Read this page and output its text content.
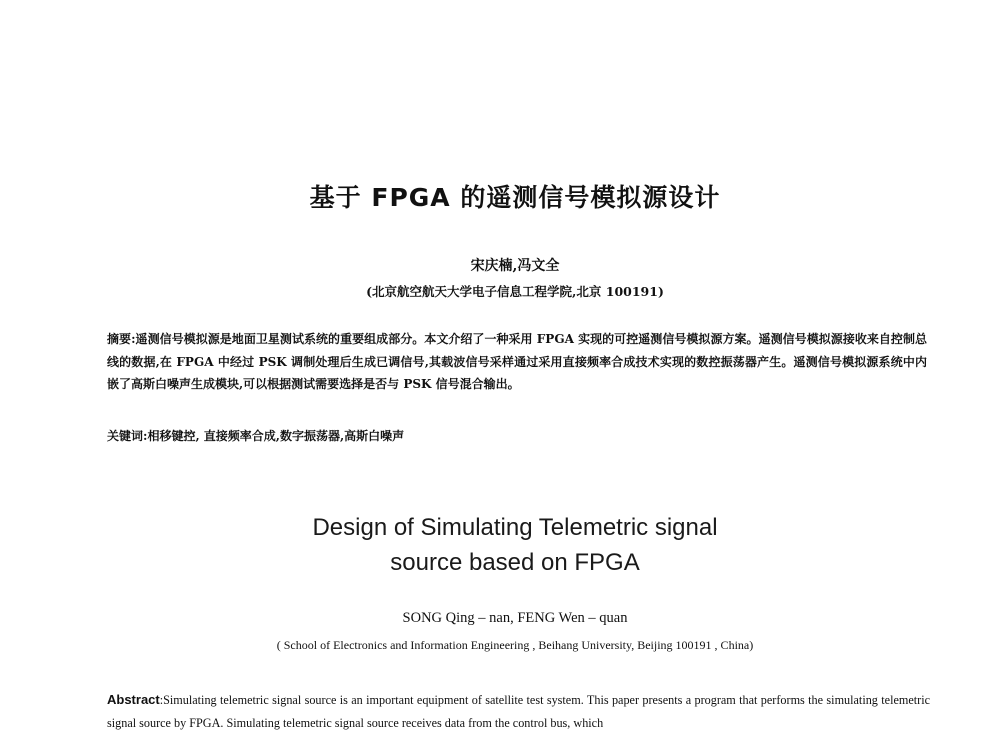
基于 FPGA 的遥测信号模拟源设计
宋庆楠,冯文全
(北京航空航天大学电子信息工程学院,北京 100191)
摘要:遥测信号模拟源是地面卫星测试系统的重要组成部分。本文介绍了一种采用 FPGA 实现的可控遥测信号模拟源方案。遥测信号模拟源接收来自控制总线的数据,在 FPGA 中经过 PSK 调制处理后生成已调信号,其载波信号采样通过采用直接频率合成技术实现的数控振荡器产生。遥测信号模拟源系统中内嵌了高斯白噪声生成模块,可以根据测试需要选择是否与 PSK 信号混合输出。
关键词:相移键控, 直接频率合成,数字振荡器,高斯白噪声
Design of Simulating Telemetric signal
source based on FPGA
SONG Qing – nan, FENG Wen – quan
( School of Electronics and Information Engineering , Beihang University, Beijing 100191 , China)
Abstract:Simulating telemetric signal source is an important equipment of satellite test system. This paper presents a program that performs the simulating telemetric signal source by FPGA. Simulating telemetric signal source receives data from the control bus, which
